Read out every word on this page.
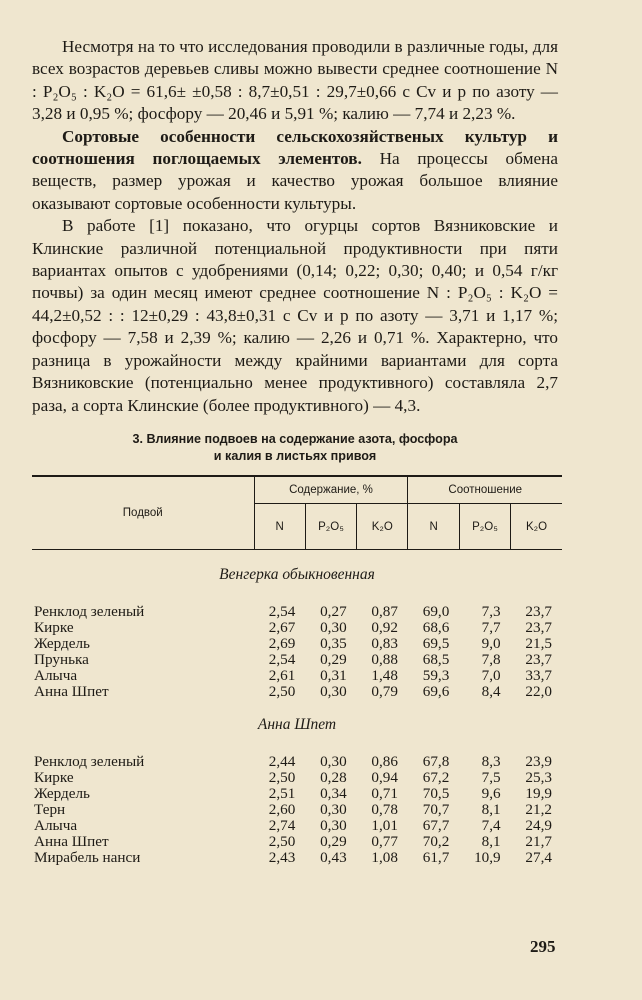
Несмотря на то что исследования проводили в различные годы, для всех возрастов деревьев сливы можно вывести среднее соотношение N : P₂O₅ : K₂O = 61,6± ±0,58 : 8,7±0,51 : 29,7±0,66 с Cv и p по азоту — 3,28 и 0,95 %; фосфору — 20,46 и 5,91 %; калию — 7,74 и 2,23 %.

Сортовые особенности сельскохозяйственых культур и соотношения поглощаемых элементов. На процессы обмена веществ, размер урожая и качество урожая большое влияние оказывают сортовые особенности культуры.

В работе [1] показано, что огурцы сортов Вязниковские и Клинские различной потенциальной продуктивности при пяти вариантах опытов с удобрениями (0,14; 0,22; 0,30; 0,40; и 0,54 г/кг почвы) за один месяц имеют среднее соотношение N : P₂O₅ : K₂O = 44,2±0,52 : : 12±0,29 : 43,8±0,31 с Cv и p по азоту — 3,71 и 1,17 %; фосфору — 7,58 и 2,39 %; калию — 2,26 и 0,71 %. Характерно, что разница в урожайности между крайними вариантами для сорта Вязниковские (потенциально менее продуктивного) составляла 2,7 раза, а сорта Клинские (более продуктивного) — 4,3.

3. Влияние подвоев на содержание азота, фосфора
и калия в листьях привоя
Подвой	Содержание, %			Соотношение		
	N	P₂O₅	K₂O	N	P₂O₅	K₂O
Венгерка обыкновенная						

Ренклод зеленый	2,54	0,27	0,87	69,0	7,3	23,7
Кирке	2,67	0,30	0,92	68,6	7,7	23,7
Жердель	2,69	0,35	0,83	69,5	9,0	21,5
Прунька	2,54	0,29	0,88	68,5	7,8	23,7
Алыча	2,61	0,31	1,48	59,3	7,0	33,7
Анна Шпет	2,50	0,30	0,79	69,6	8,4	22,0
Анна Шпет						

Ренклод зеленый	2,44	0,30	0,86	67,8	8,3	23,9
Кирке	2,50	0,28	0,94	67,2	7,5	25,3
Жердель	2,51	0,34	0,71	70,5	9,6	19,9
Терн	2,60	0,30	0,78	70,7	8,1	21,2
Алыча	2,74	0,30	1,01	67,7	7,4	24,9
Анна Шпет	2,50	0,29	0,77	70,2	8,1	21,7
Мирабель нанси	2,43	0,43	1,08	61,7	10,9	27,4
295
